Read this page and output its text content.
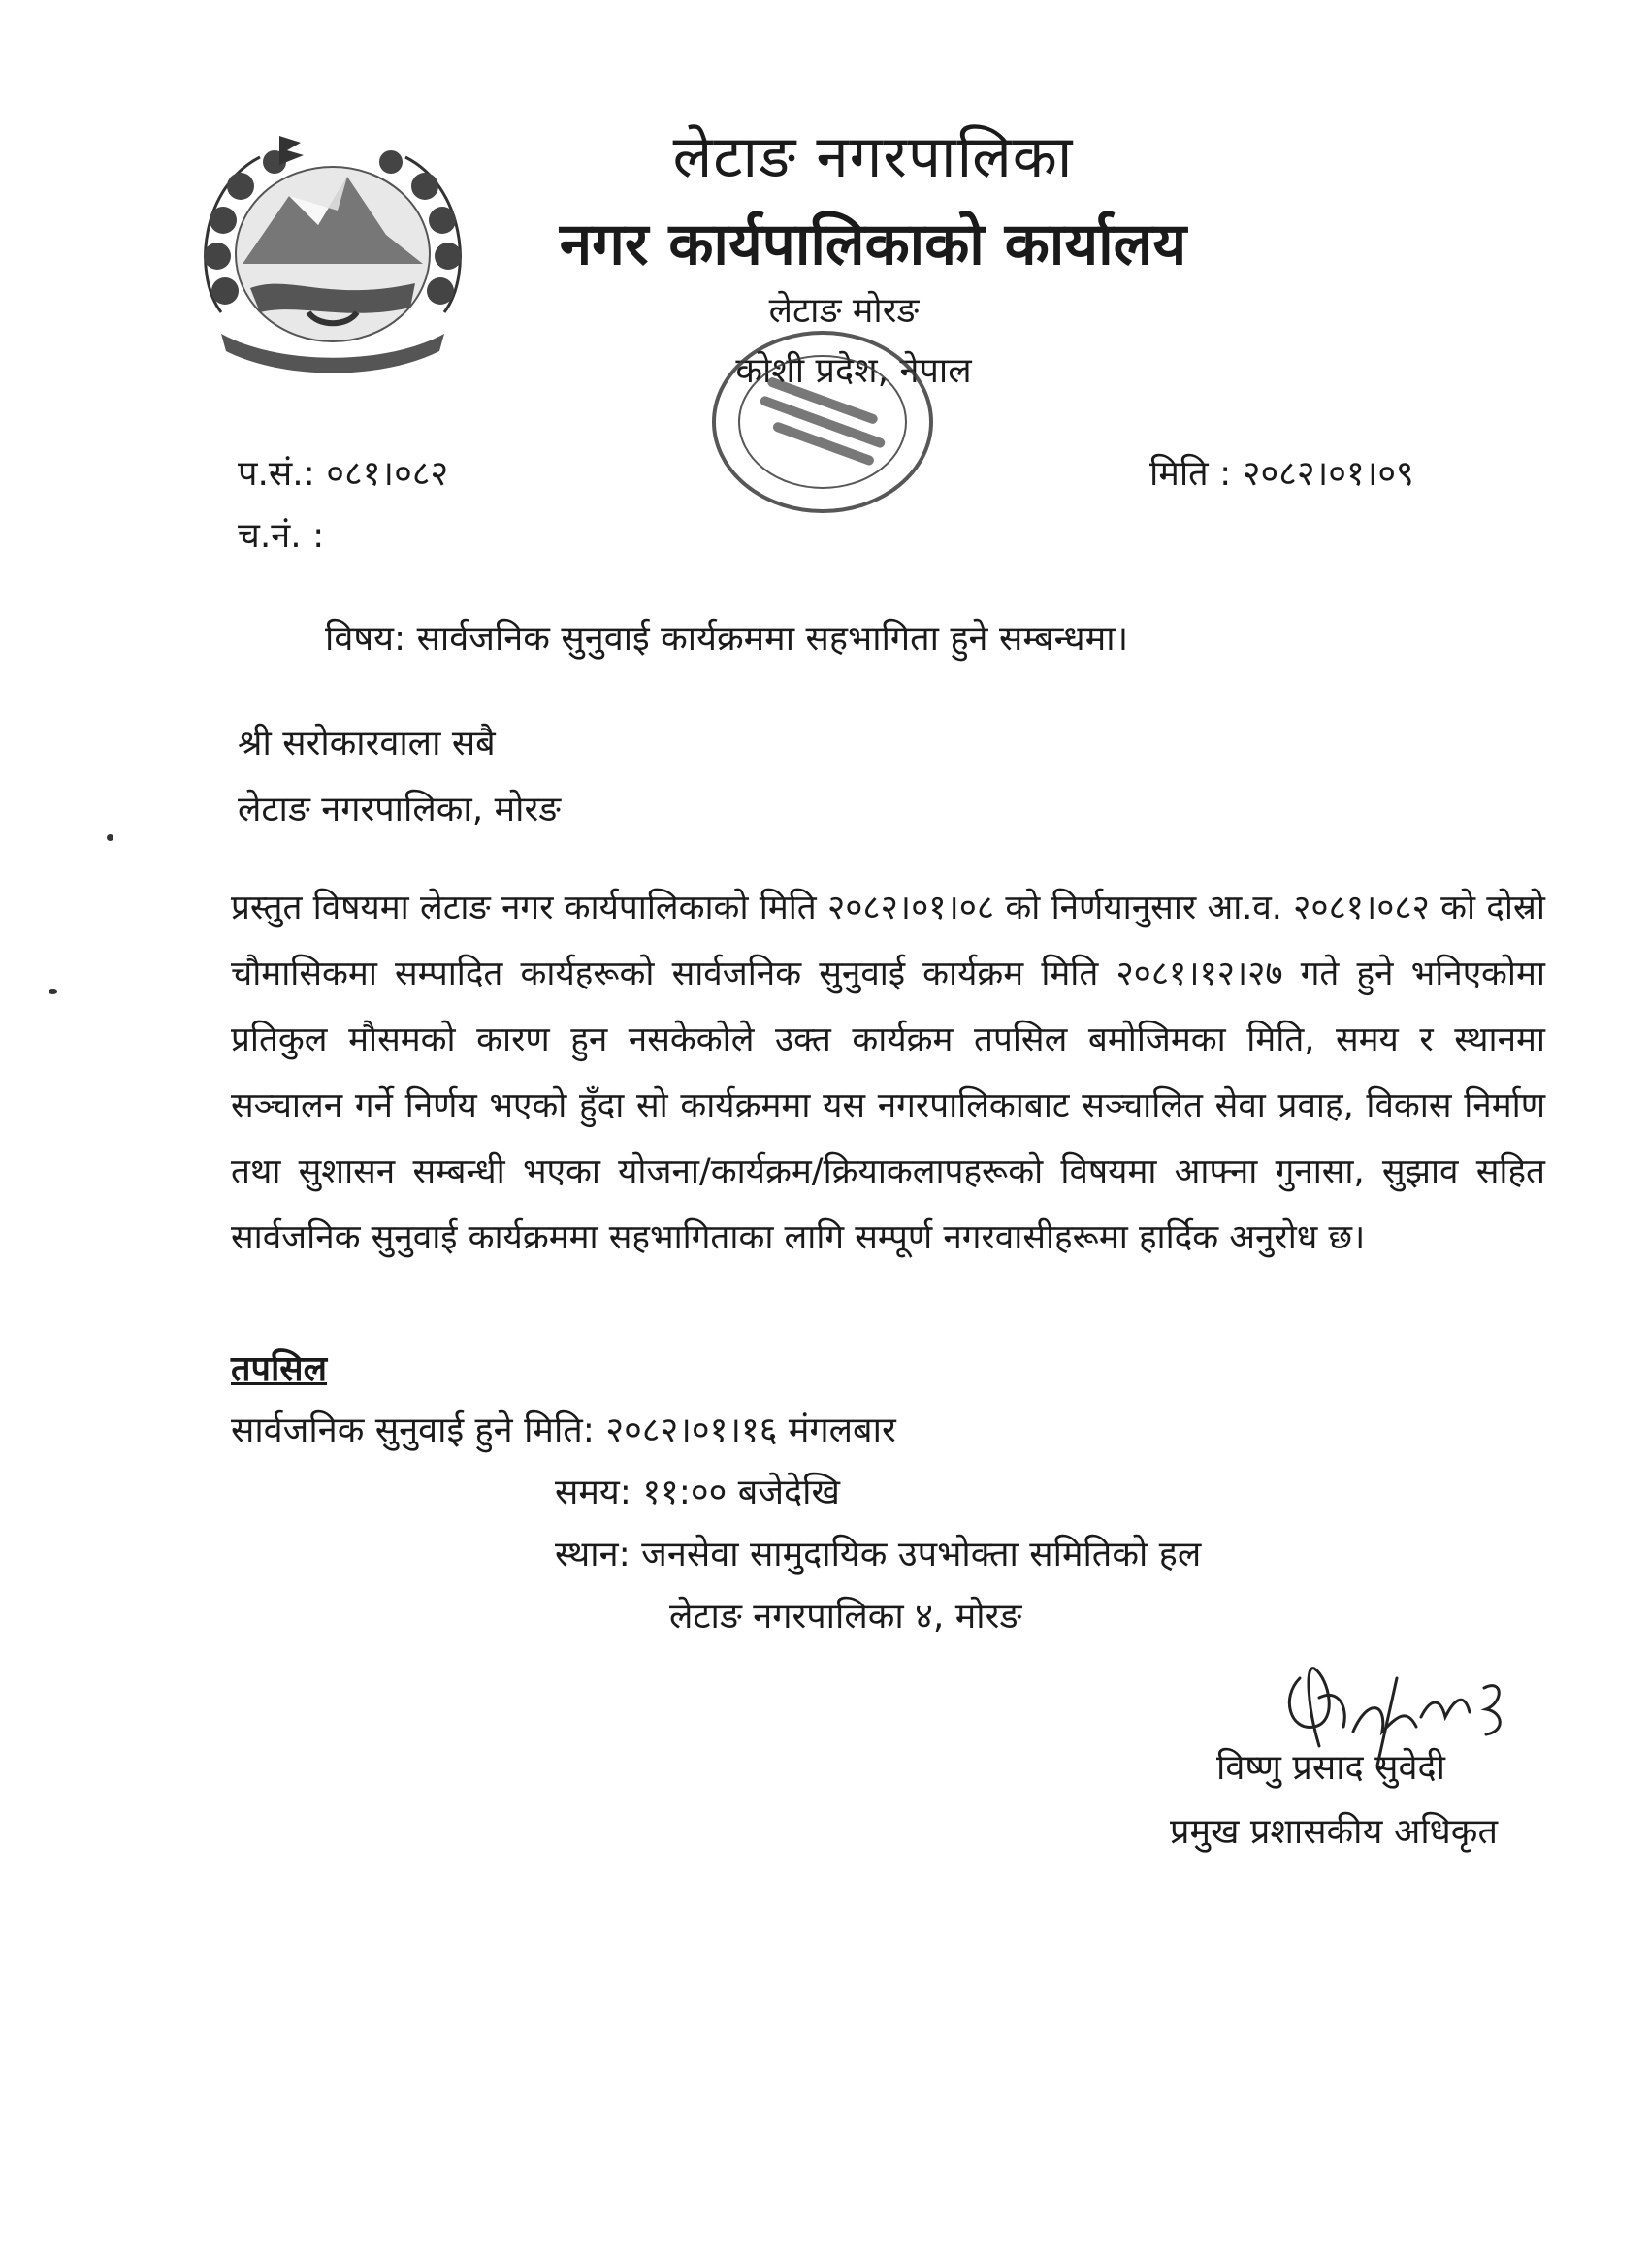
लेटाङ नगरपालिका
नगर कार्यपालिकाको कार्यालय
लेटाङ मोरङ
कोशी प्रदेश, नेपाल
प.सं.: ०८१।०८२
च.नं. :
मिति : २०८२।०१।०९
विषय: सार्वजनिक सुनुवाई कार्यक्रममा सहभागिता हुने सम्बन्धमा।
श्री सरोकारवाला सबै
लेटाङ नगरपालिका, मोरङ
प्रस्तुत विषयमा लेटाङ नगर कार्यपालिकाको मिति २०८२।०१।०८ को निर्णयानुसार आ.व. २०८१।०८२ को दोस्रो चौमासिकमा सम्पादित कार्यहरूको सार्वजनिक सुनुवाई कार्यक्रम मिति २०८१।१२।२७ गते हुने भनिएकोमा प्रतिकुल मौसमको कारण हुन नसकेकोले उक्त कार्यक्रम तपसिल बमोजिमका मिति, समय र स्थानमा सञ्चालन गर्ने निर्णय भएको हुँदा सो कार्यक्रममा यस नगरपालिकाबाट सञ्चालित सेवा प्रवाह, विकास निर्माण तथा सुशासन सम्बन्धी भएका योजना/कार्यक्रम/क्रियाकलापहरूको विषयमा आफ्ना गुनासा, सुझाव सहित सार्वजनिक सुनुवाई कार्यक्रममा सहभागिताका लागि सम्पूर्ण नगरवासीहरूमा हार्दिक अनुरोध छ।
तपसिल
सार्वजनिक सुनुवाई हुने मिति: २०८२।०१।१६ मंगलबार
समय: ११:०० बजेदेखि
स्थान: जनसेवा सामुदायिक उपभोक्ता समितिको हल
लेटाङ नगरपालिका ४, मोरङ
विष्णु प्रसाद सुवेदी
प्रमुख प्रशासकीय अधिकृत
